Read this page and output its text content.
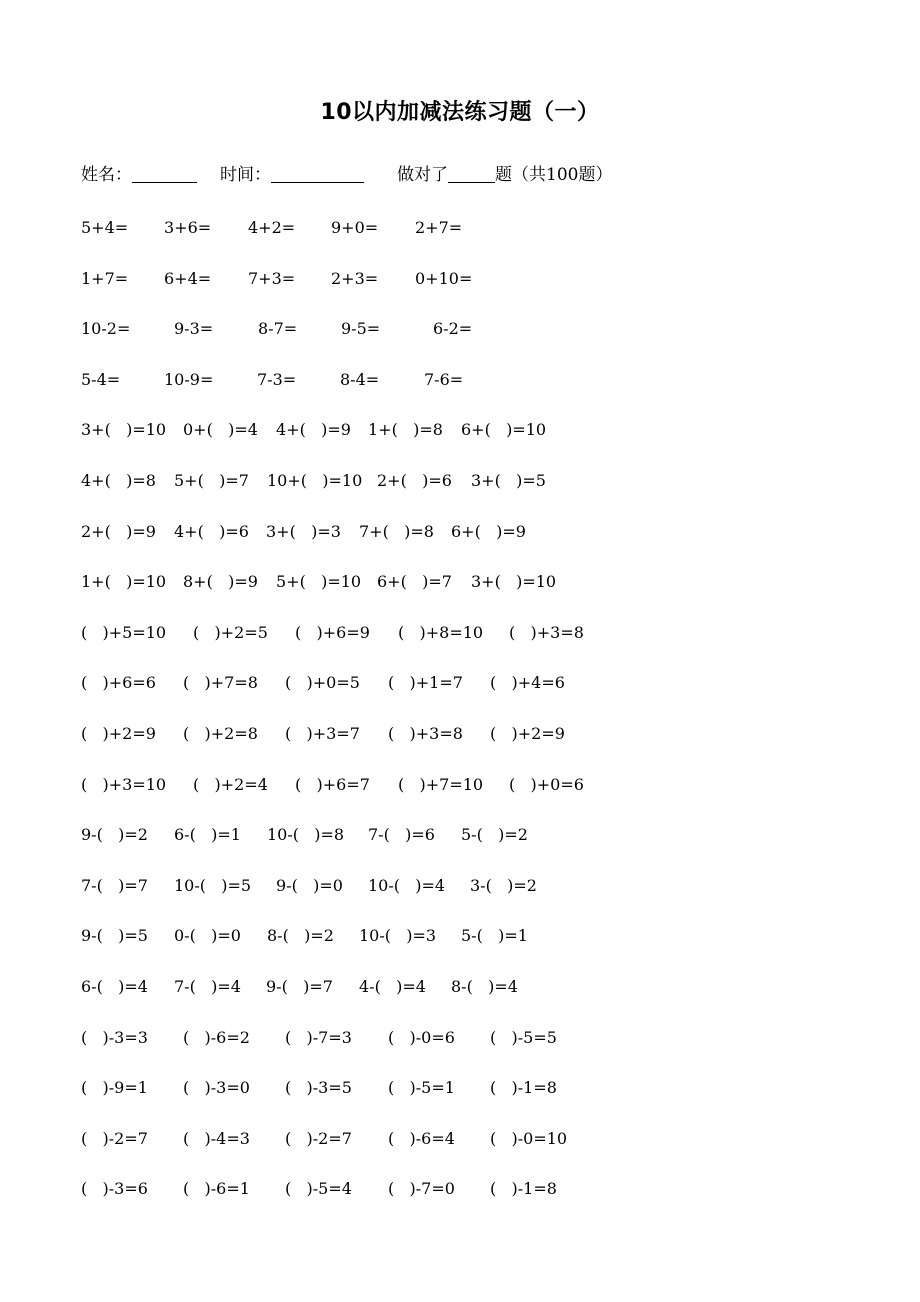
10以内加减法练习题（一）

姓名：

	时间：

	做对了	题（共100题）

5+4= 3+6= 4+2= 9+0= 2+7=
1+7= 6+4= 7+3= 2+3= 0+10=
10-2=	9-3=	8-7=	9-5=	6-2=
5-4=	10-9=	7-3=	8-4=	7-6=
3+(   )=10 0+(   )=4 4+(   )=9 1+(   )=8 6+(   )=10
4+(   )=8 5+(   )=7 10+(   )=10 2+(   )=6 3+(   )=5
2+(   )=9 4+(   )=6 3+(   )=3 7+(   )=8 6+(   )=9
1+(   )=10 8+(   )=9 5+(   )=10 6+(   )=7 3+(   )=10
(   )+5=10 (   )+2=5 (   )+6=9 (   )+8=10 (   )+3=8
(   )+6=6 (   )+7=8 (   )+0=5 (   )+1=7 (   )+4=6
(   )+2=9 (   )+2=8 (   )+3=7 (   )+3=8 (   )+2=9
(   )+3=10 (   )+2=4 (   )+6=7 (   )+7=10 (   )+0=6
9-(   )=2 6-(   )=1 10-(   )=8 7-(   )=6 5-(   )=2
7-(   )=7 10-(   )=5 9-(   )=0 10-(   )=4 3-(   )=2
9-(   )=5 0-(   )=0 8-(   )=2 10-(   )=3 5-(   )=1
6-(   )=4 7-(   )=4 9-(   )=7 4-(   )=4 8-(   )=4
(   )-3=3 (   )-6=2 (   )-7=3 (   )-0=6 (   )-5=5
(   )-9=1 (   )-3=0 (   )-3=5 (   )-5=1 (   )-1=8
(   )-2=7 (   )-4=3 (   )-2=7 (   )-6=4 (   )-0=10
(   )-3=6 (   )-6=1 (   )-5=4 (   )-7=0 (   )-1=8
